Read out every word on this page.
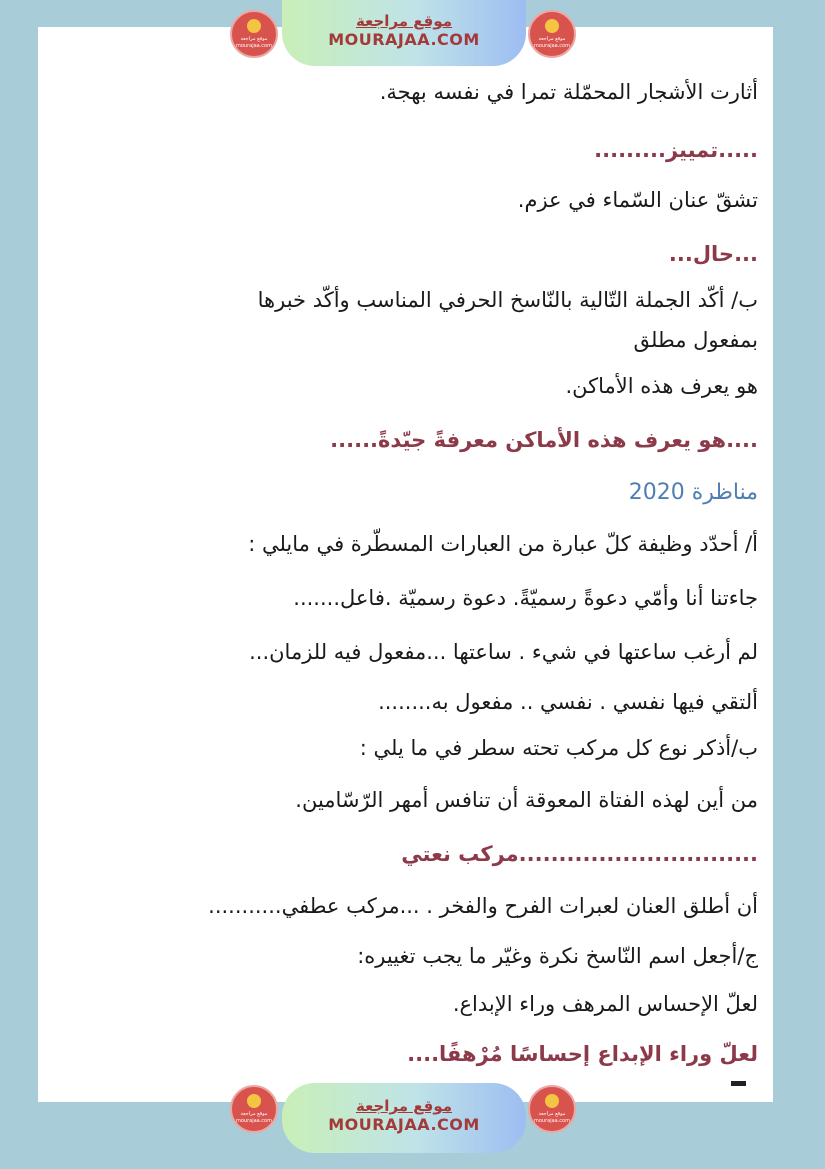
موقع مراجعة
MOURAJAA.COM
موقع مراجعة
mourajaa.com
موقع مراجعة
mourajaa.com
أثارت الأشجار المحمّلة تمرا في نفسه بهجة.
.....تمييز.........
تشقّ عنان السّماء في عزم.
...حال...
ب/ أكّد الجملة التّالية بالنّاسخ الحرفي المناسب وأكّد خبرها
بمفعول مطلق
هو يعرف هذه الأماكن.
....هو يعرف هذه الأماكن معرفةً جيّدةً......
مناظرة 2020
أ/ أحدّد وظيفة كلّ عبارة من العبارات المسطّرة في مايلي :
جاءتنا أنا وأمّي دعوةً رسميّةً. دعوة رسميّة .فاعل.......
لم أرغب ساعتها في شيء . ساعتها ...مفعول فيه للزمان...
ألتقي فيها نفسي . نفسي .. مفعول به........
ب/أذكر نوع كل مركب تحته سطر في ما يلي :
من أين لهذه الفتاة المعوقة أن تنافس أمهر الرّسّامين.
..............................مركب نعتي
أن أطلق العنان لعبرات الفرح والفخر . ...مركب عطفي...........
ج/أجعل اسم النّاسخ نكرة وغيّر ما يجب تغييره:
لعلّ الإحساس المرهف وراء الإبداع.
لعلّ وراء الإبداع إحساسًا مُرْهفًا....
موقع مراجعة
MOURAJAA.COM
موقع مراجعة
mourajaa.com
موقع مراجعة
mourajaa.com
